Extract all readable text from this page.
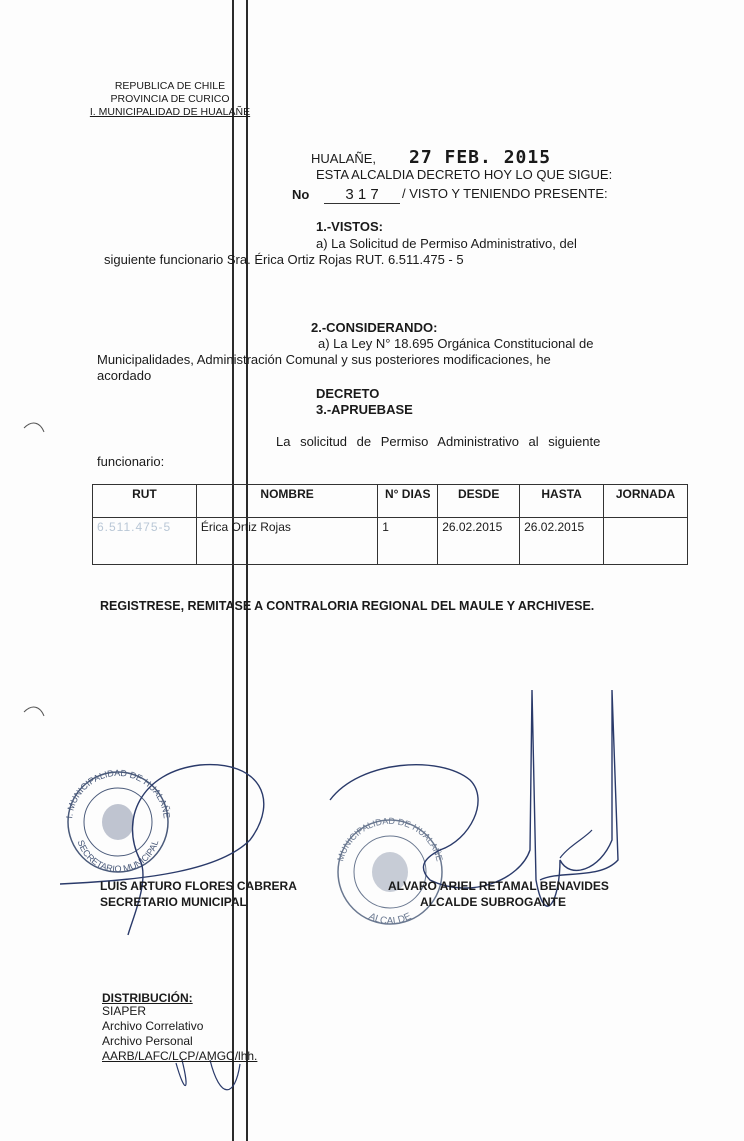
REPUBLICA DE CHILE
PROVINCIA DE CURICO
I. MUNICIPALIDAD DE HUALAÑE
HUALAÑE, 27 FEB. 2015
ESTA ALCALDIA DECRETO HOY LO QUE SIGUE:
No	3 1 7	/ VISTO Y TENIENDO PRESENTE:
1.-VISTOS:
a) La Solicitud de Permiso Administrativo, del
siguiente funcionario Sra. Érica Ortiz Rojas RUT. 6.511.475 - 5
2.-CONSIDERANDO:
a) La Ley N° 18.695 Orgánica Constitucional de
Municipalidades, Administración Comunal y sus posteriores modificaciones, he
acordado
DECRETO
3.-APRUEBASE
La solicitud de Permiso Administrativo al siguiente
funcionario:
RUT	NOMBRE	N° DIAS	DESDE	HASTA	JORNADA
6.511.475-5	Érica Ortiz Rojas	1	26.02.2015	26.02.2015	
REGISTRESE, REMITASE A CONTRALORIA REGIONAL DEL MAULE Y ARCHIVESE.
I. MUNICIPALIDAD DE HUALAÑE
SECRETARIO MUNICIPAL
MUNICIPALIDAD DE HUALAÑE
ALCALDE
LUIS ARTURO FLORES CABRERA
SECRETARIO MUNICIPAL
ALVARO ARIEL RETAMAL BENAVIDES
ALCALDE SUBROGANTE
DISTRIBUCIÓN:
SIAPER
Archivo Correlativo
Archivo Personal
AARB/LAFC/LCP/AMGC/lhh.
